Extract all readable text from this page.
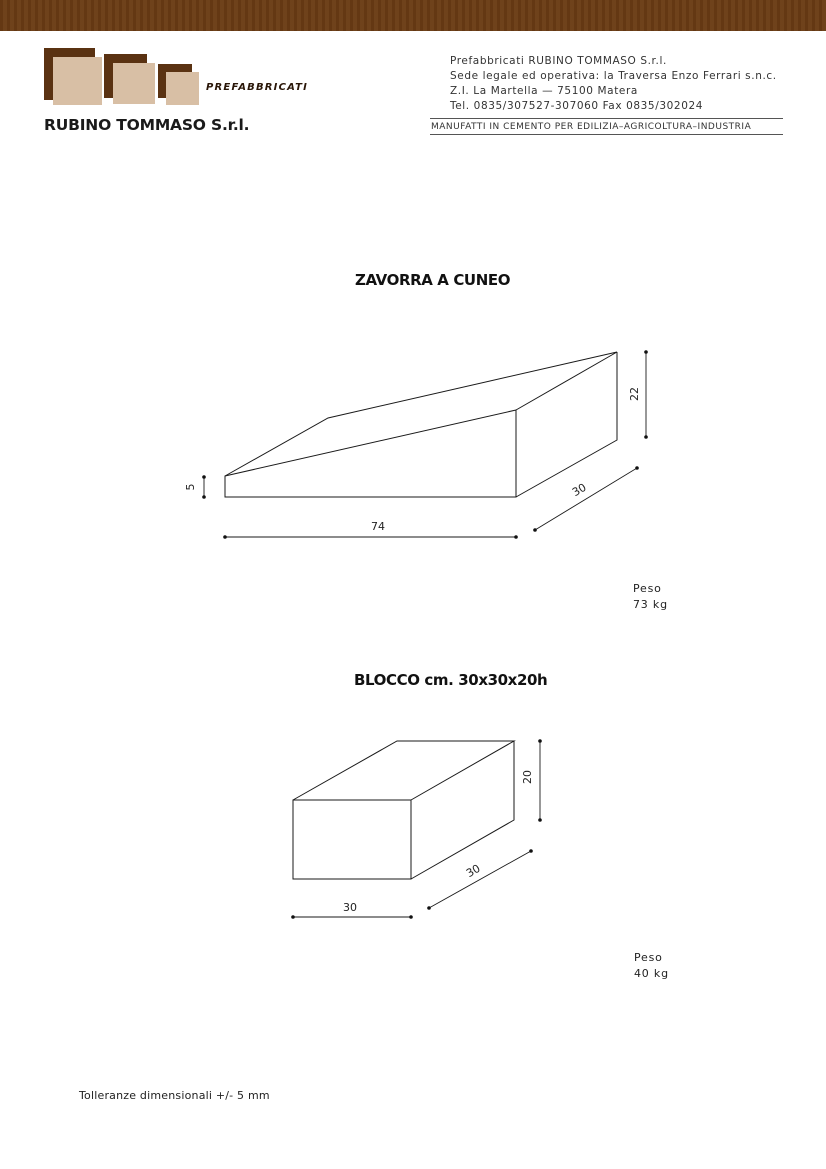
PREFABBRICATI
RUBINO TOMMASO S.r.l.
Prefabbricati RUBINO TOMMASO S.r.l.
Sede legale ed operativa: la Traversa Enzo Ferrari s.n.c.
Z.I. La Martella — 75100 Matera
Tel. 0835/307527-307060 Fax 0835/302024
MANUFATTI IN CEMENTO PER EDILIZIA–AGRICOLTURA–INDUSTRIA
ZAVORRA A CUNEO
BLOCCO cm. 30x30x20h
74
22
5	30
30
20
30
Peso
73 kg
Peso
40 kg
Tolleranze dimensionali +/- 5 mm
